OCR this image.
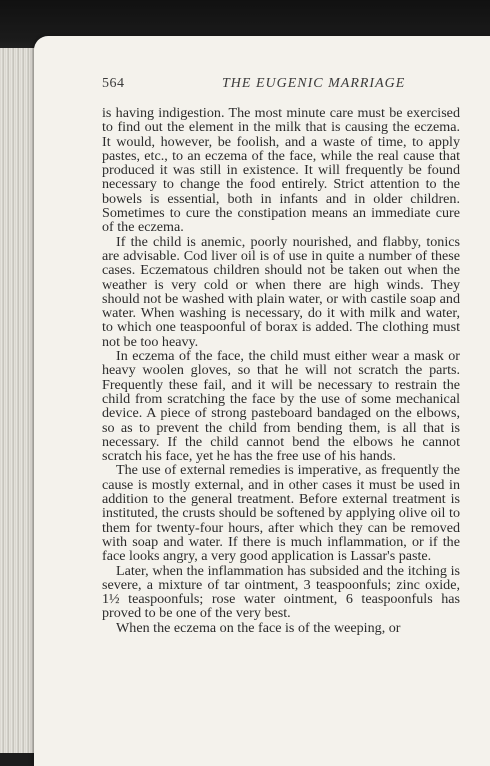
564	THE EUGENIC MARRIAGE

is having indigestion. The most minute care must be exercised to find out the element in the milk that is causing the eczema. It would, however, be foolish, and a waste of time, to apply pastes, etc., to an eczema of the face, while the real cause that produced it was still in existence. It will frequently be found necessary to change the food entirely. Strict attention to the bowels is essential, both in infants and in older children. Sometimes to cure the constipation means an immediate cure of the eczema.

If the child is anemic, poorly nourished, and flabby, tonics are advisable. Cod liver oil is of use in quite a number of these cases. Eczematous children should not be taken out when the weather is very cold or when there are high winds. They should not be washed with plain water, or with castile soap and water. When washing is necessary, do it with milk and water, to which one teaspoonful of borax is added. The clothing must not be too heavy.

In eczema of the face, the child must either wear a mask or heavy woolen gloves, so that he will not scratch the parts. Frequently these fail, and it will be necessary to restrain the child from scratching the face by the use of some mechanical device. A piece of strong pasteboard bandaged on the elbows, so as to prevent the child from bending them, is all that is necessary. If the child cannot bend the elbows he cannot scratch his face, yet he has the free use of his hands.

The use of external remedies is imperative, as frequently the cause is mostly external, and in other cases it must be used in addition to the general treatment. Before external treatment is instituted, the crusts should be softened by applying olive oil to them for twenty-four hours, after which they can be removed with soap and water. If there is much inflammation, or if the face looks angry, a very good application is Lassar's paste.

Later, when the inflammation has subsided and the itching is severe, a mixture of tar ointment, 3 teaspoonfuls; zinc oxide, 1½ teaspoonfuls; rose water ointment, 6 teaspoonfuls has proved to be one of the very best.

When the eczema on the face is of the weeping, or
